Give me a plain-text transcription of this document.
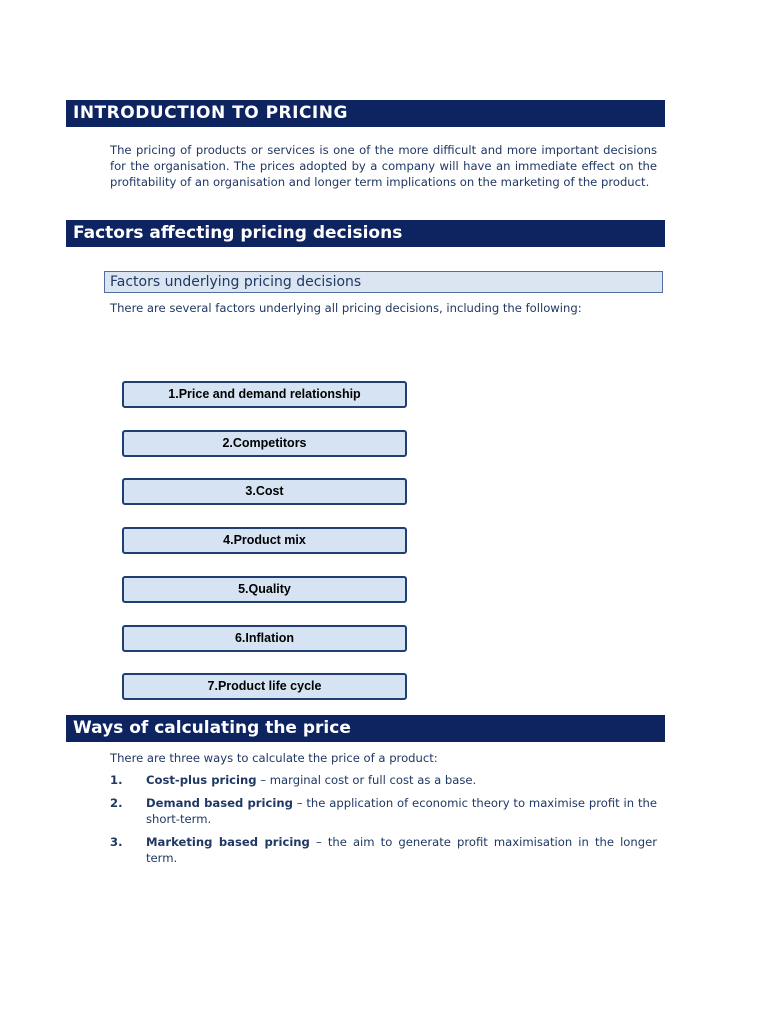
INTRODUCTION TO PRICING
The pricing of products or services is one of the more difficult and more important decisions for the organisation. The prices adopted by a company will have an immediate effect on the profitability of an organisation and longer term implications on the marketing of the product.
Factors affecting pricing decisions
Factors underlying pricing decisions
There are several factors underlying all pricing decisions, including the following:
1.Price and demand relationship
2.Competitors
3.Cost
4.Product mix
5.Quality
6.Inflation
7.Product life cycle
Ways of calculating the price
There are three ways to calculate the price of a product:
1. Cost-plus pricing – marginal cost or full cost as a base.
2. Demand based pricing – the application of economic theory to maximise profit in the short-term.
3. Marketing based pricing – the aim to generate profit maximisation in the longer term.
